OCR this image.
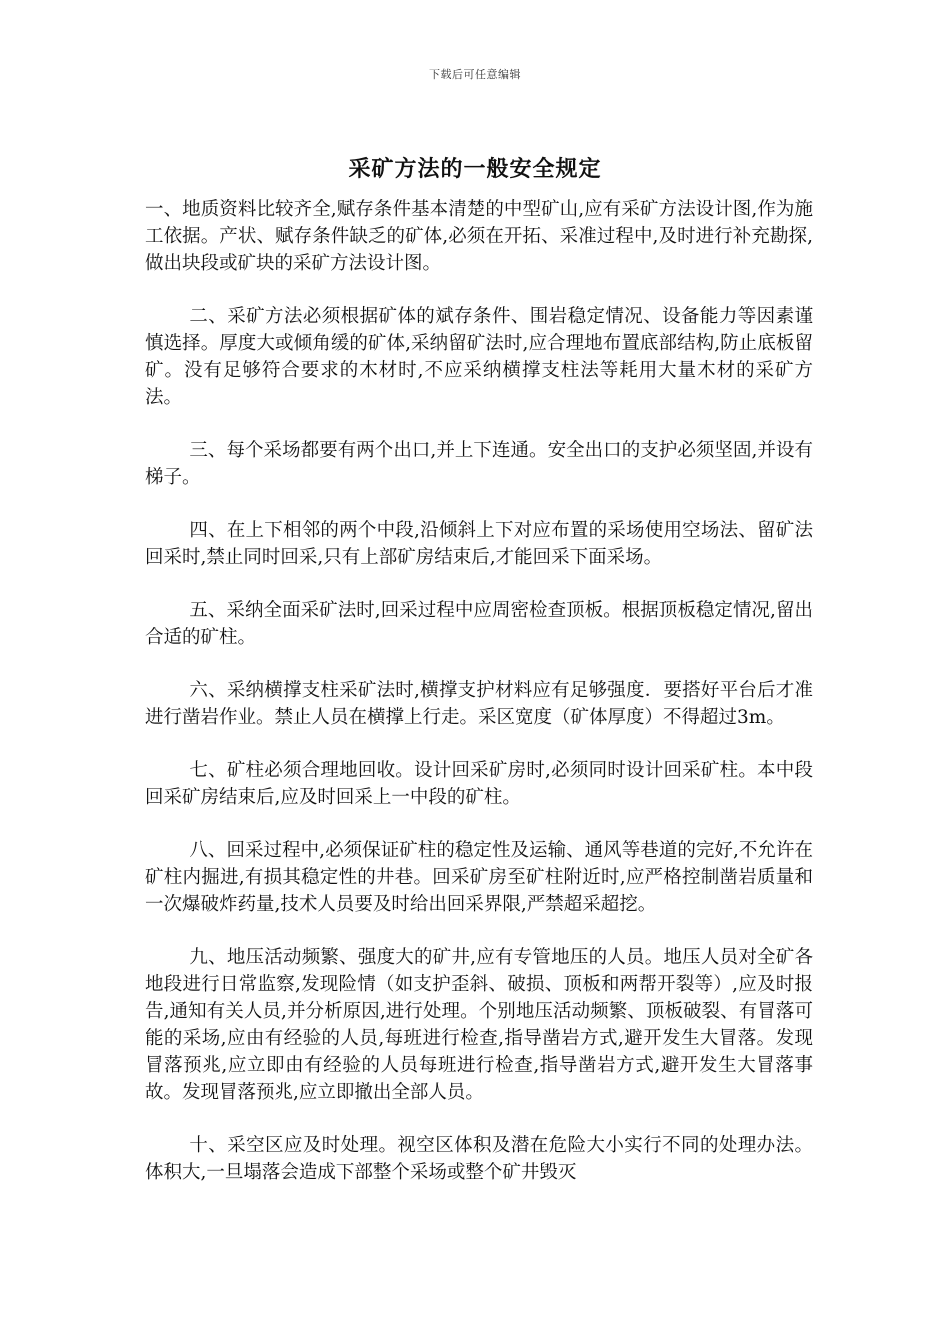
下载后可任意编辑
采矿方法的一般安全规定

一、地质资料比较齐全,赋存条件基本清楚的中型矿山,应有采矿方法设计图,作为施工依据。产状、赋存条件缺乏的矿体,必须在开拓、采准过程中,及时进行补充勘探,做出块段或矿块的采矿方法设计图。

二、采矿方法必须根据矿体的斌存条件、围岩稳定情况、设备能力等因素谨慎选择。厚度大或倾角缓的矿体,采纳留矿法时,应合理地布置底部结构,防止底板留矿。没有足够符合要求的木材时,不应采纳横撑支柱法等耗用大量木材的采矿方法。

三、每个采场都要有两个出口,并上下连通。安全出口的支护必须坚固,并设有梯子。

四、在上下相邻的两个中段,沿倾斜上下对应布置的采场使用空场法、留矿法回采时,禁止同时回采,只有上部矿房结束后,才能回采下面采场。

五、采纳全面采矿法时,回采过程中应周密检查顶板。根据顶板稳定情况,留出合适的矿柱。

六、采纳横撑支柱采矿法时,横撑支护材料应有足够强度．要搭好平台后才准进行凿岩作业。禁止人员在横撑上行走。采区宽度（矿体厚度）不得超过3m。

七、矿柱必须合理地回收。设计回采矿房时,必须同时设计回采矿柱。本中段回采矿房结束后,应及时回采上一中段的矿柱。

八、回采过程中,必须保证矿柱的稳定性及运输、通风等巷道的完好,不允许在矿柱内掘进,有损其稳定性的井巷。回采矿房至矿柱附近时,应严格控制凿岩质量和一次爆破炸药量,技术人员要及时给出回采界限,严禁超采超挖。

九、地压活动频繁、强度大的矿井,应有专管地压的人员。地压人员对全矿各地段进行日常监察,发现险情（如支护歪斜、破损、顶板和两帮开裂等）,应及时报告,通知有关人员,并分析原因,进行处理。个别地压活动频繁、顶板破裂、有冒落可能的采场,应由有经验的人员,每班进行检查,指导凿岩方式,避开发生大冒落。发现冒落预兆,应立即由有经验的人员每班进行检查,指导凿岩方式,避开发生大冒落事故。发现冒落预兆,应立即撤出全部人员。

十、采空区应及时处理。视空区体积及潜在危险大小实行不同的处理办法。体积大,一旦塌落会造成下部整个采场或整个矿井毁灭
